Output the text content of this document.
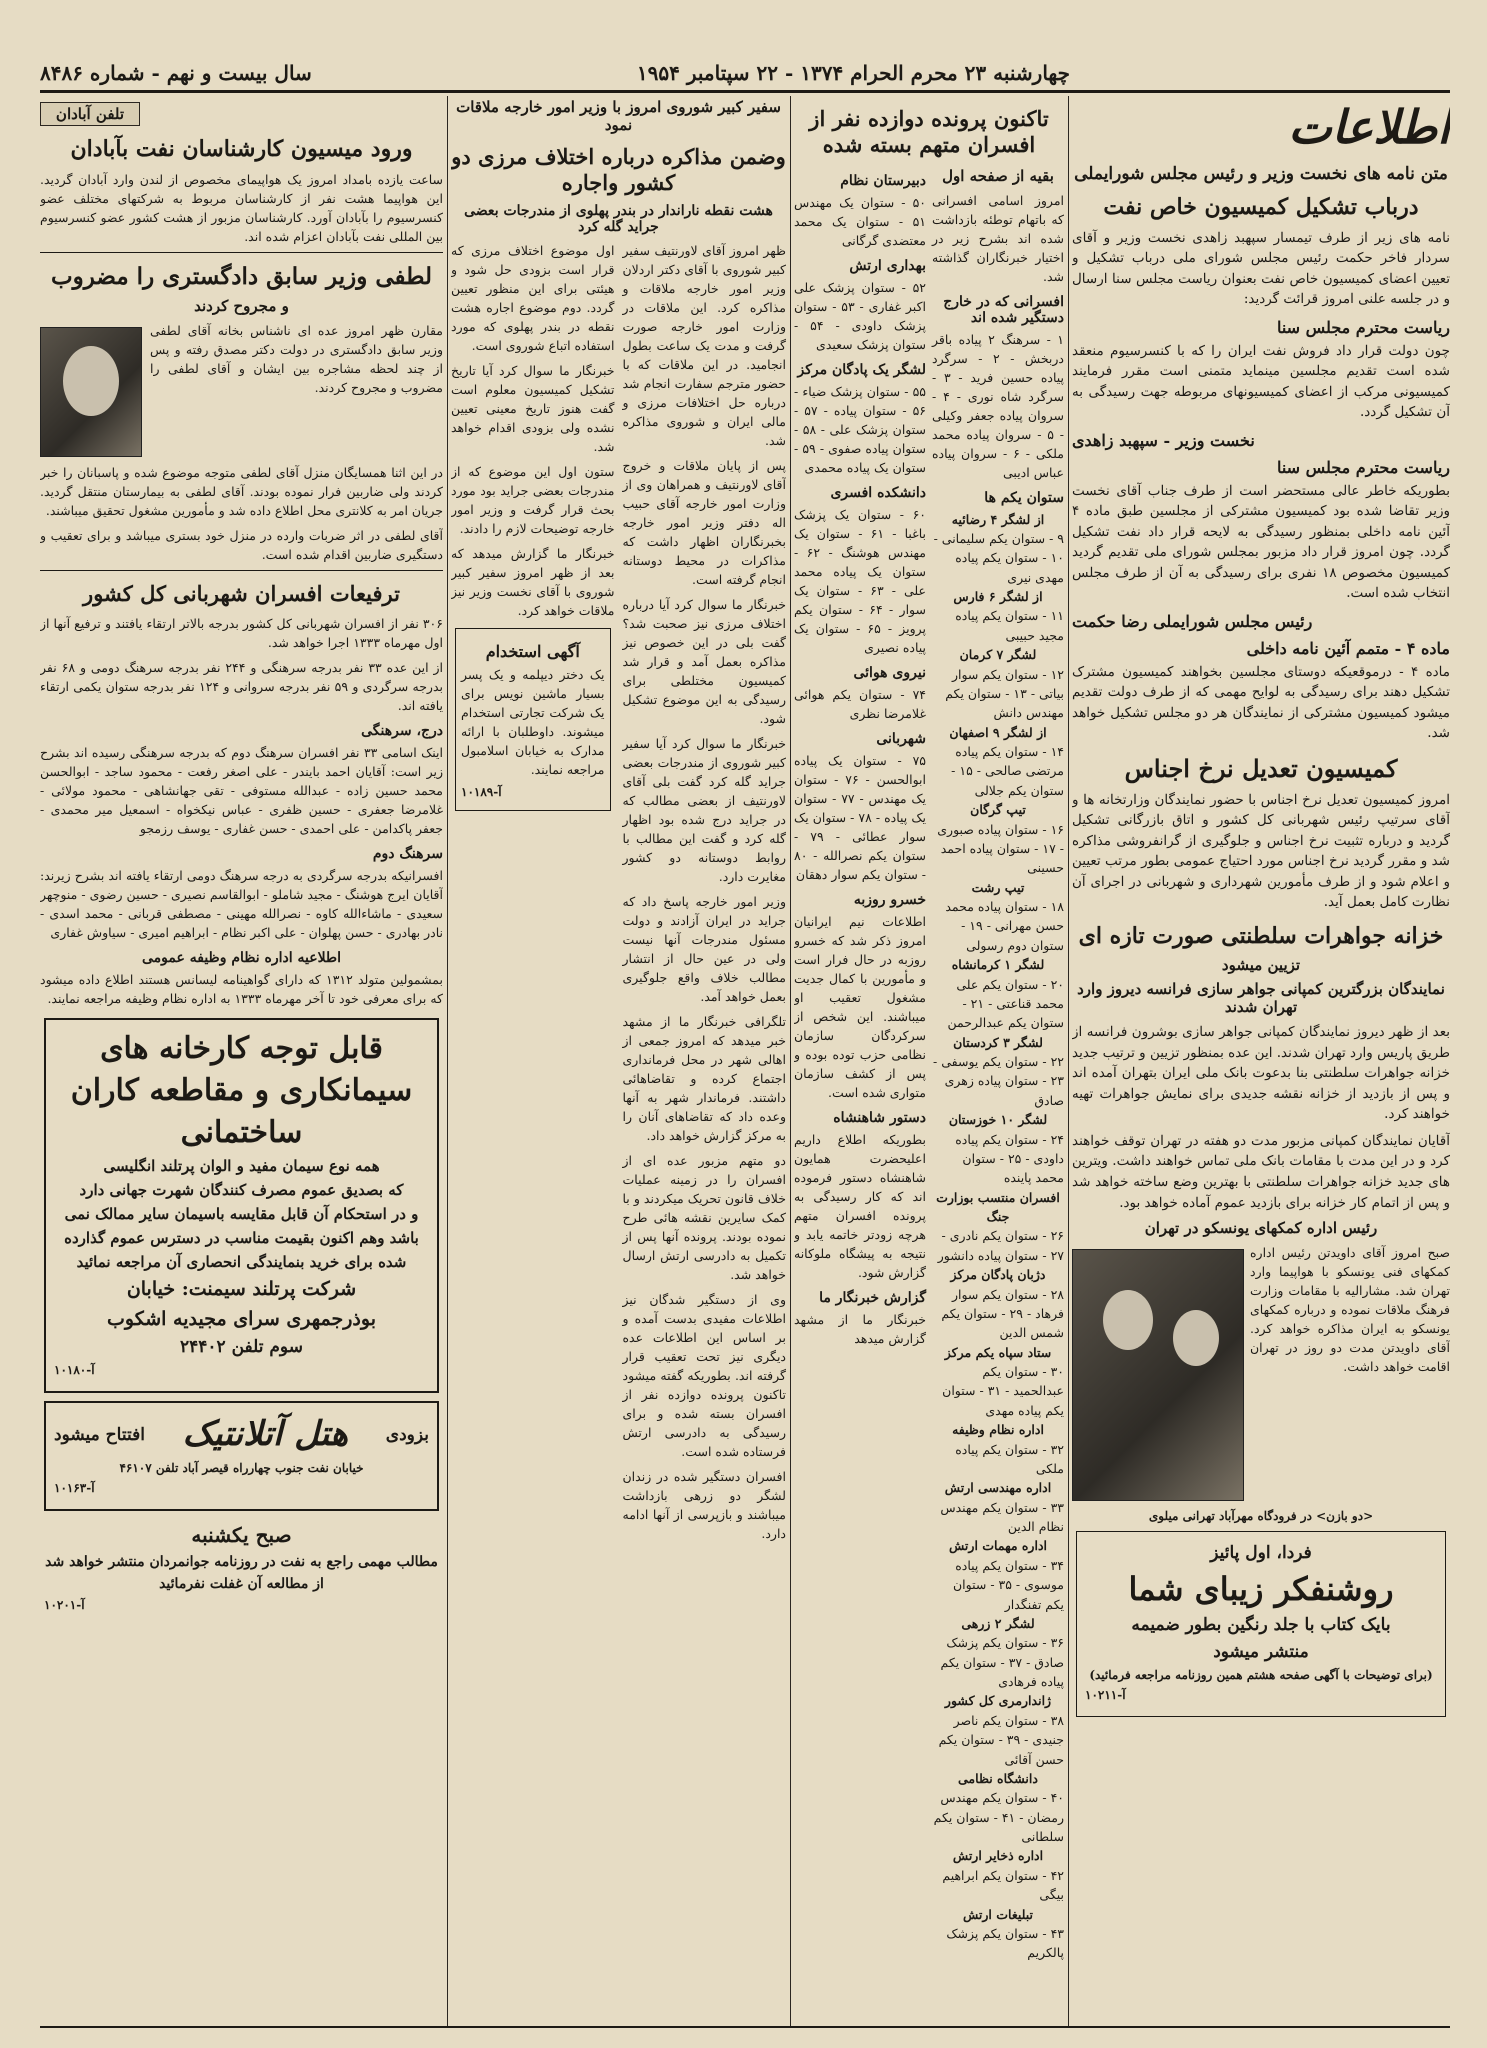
چهارشنبه ۲۳ محرم الحرام ۱۳۷۴ - ۲۲ سپتامبر ۱۹۵۴
سال بیست و نهم - شماره ۸۴۸۶
اطلاعات
متن نامه های نخست وزیر و رئیس مجلس شورایملی
درباب تشکیل کمیسیون خاص نفت

نامه های زیر از طرف تیمسار سپهبد زاهدی نخست وزیر و آقای سردار فاخر حکمت رئیس مجلس شورای ملی درباب تشکیل و تعیین اعضای کمیسیون خاص نفت بعنوان ریاست مجلس سنا ارسال و در جلسه علنی امروز قرائت گردید:

ریاست محترم مجلس سنا

چون دولت قرار داد فروش نفت ایران را که با کنسرسیوم منعقد شده است تقدیم مجلسین مینماید متمنی است مقرر فرمایند کمیسیونی مرکب از اعضای کمیسیونهای مربوطه جهت رسیدگی به آن تشکیل گردد.

نخست وزیر - سپهبد زاهدی
ریاست محترم مجلس سنا

بطوریکه خاطر عالی مستحضر است از طرف جناب آقای نخست وزیر تقاضا شده بود کمیسیون مشترکی از مجلسین طبق ماده ۴ آئین نامه داخلی بمنظور رسیدگی به لایحه قرار داد نفت تشکیل گردد. چون امروز قرار داد مزبور بمجلس شورای ملی تقدیم گردید کمیسیون مخصوص ۱۸ نفری برای رسیدگی به آن از طرف مجلس انتخاب شده است.

رئیس مجلس شورایملی رضا حکمت
ماده ۴ - متمم آئین نامه داخلی

ماده ۴ - درموقعیکه دوستای مجلسین بخواهند کمیسیون مشترک تشکیل دهند برای رسیدگی به لوایح مهمی که از طرف دولت تقدیم میشود کمیسیون مشترکی از نمایندگان هر دو مجلس تشکیل خواهد شد.

کمیسیون تعدیل نرخ اجناس

امروز کمیسیون تعدیل نرخ اجناس با حضور نمایندگان وزارتخانه ها و آقای سرتیپ رئیس شهربانی کل کشور و اتاق بازرگانی تشکیل گردید و درباره تثبیت نرخ اجناس و جلوگیری از گرانفروشی مذاکره شد و مقرر گردید نرخ اجناس مورد احتیاج عمومی بطور مرتب تعیین و اعلام شود و از طرف مأمورین شهرداری و شهربانی در اجرای آن نظارت کامل بعمل آید.

خزانه جواهرات سلطنتی صورت تازه ای
تزیین میشود
نمایندگان بزرگترین کمپانی جواهر سازی فرانسه دیروز وارد تهران شدند

بعد از ظهر دیروز نمایندگان کمپانی جواهر سازی بوشرون فرانسه از طریق پاریس وارد تهران شدند. این عده بمنظور تزیین و ترتیب جدید خزانه جواهرات سلطنتی بنا بدعوت بانک ملی ایران بتهران آمده اند و پس از بازدید از خزانه نقشه جدیدی برای نمایش جواهرات تهیه خواهند کرد.

آقایان نمایندگان کمپانی مزبور مدت دو هفته در تهران توقف خواهند کرد و در این مدت با مقامات بانک ملی تماس خواهند داشت. ویترین های جدید خزانه جواهرات سلطنتی با بهترین وضع ساخته خواهد شد و پس از اتمام کار خزانه برای بازدید عموم آماده خواهد بود.

رئیس اداره کمکهای یونسکو در تهران

صبح امروز آقای داویدتن رئیس اداره کمکهای فنی یونسکو با هواپیما وارد تهران شد. مشارالیه با مقامات وزارت فرهنگ ملاقات نموده و درباره کمکهای یونسکو به ایران مذاکره خواهد کرد. آقای داویدتن مدت دو روز در تهران اقامت خواهد داشت.

<دو بازن> در فرودگاه مهرآباد تهرانی میلوی
فردا، اول پائیز
روشنفکر زیبای شما
بایک کتاب با جلد رنگین بطور ضمیمه
منتشر میشود
(برای توضیحات با آگهی صفحه هشتم همین روزنامه مراجعه فرمائید)
آ-۱۰۲۱۱
تاکنون پرونده دوازده نفر از افسران متهم بسته شده
بقیه از صفحه اول

امروز اسامی افسرانی که باتهام توطئه بازداشت شده اند بشرح زیر در اختیار خبرنگاران گذاشته شد.

افسرانی که در خارج دستگیر شده اند

۱ - سرهنگ ۲ پیاده باقر دربخش - ۲ - سرگرد پیاده حسین فرید - ۳ - سرگرد شاه نوری - ۴ - سروان پیاده جعفر وکیلی - ۵ - سروان پیاده محمد ملکی - ۶ - سروان پیاده عباس ادیبی

ستوان یکم ها

از لشگر ۴ رضائیه

۹ - ستوان یکم سلیمانی - ۱۰ - ستوان یکم پیاده مهدی نیری

از لشگر ۶ فارس

۱۱ - ستوان یکم پیاده مجید حبیبی

لشگر ۷ کرمان

۱۲ - ستوان یکم سوار بیاتی - ۱۳ - ستوان یکم مهندس دانش

از لشگر ۹ اصفهان

۱۴ - ستوان یکم پیاده مرتضی صالحی - ۱۵ - ستوان یکم جلالی

تیپ گرگان

۱۶ - ستوان پیاده صبوری - ۱۷ - ستوان پیاده احمد حسینی

تیپ رشت

۱۸ - ستوان پیاده محمد حسن مهرانی - ۱۹ - ستوان دوم رسولی

لشگر ۱ کرمانشاه

۲۰ - ستوان یکم علی محمد قناعتی - ۲۱ - ستوان یکم عبدالرحمن

لشگر ۳ کردستان

۲۲ - ستوان یکم یوسفی - ۲۳ - ستوان پیاده زهری صادق

لشگر ۱۰ خوزستان

۲۴ - ستوان یکم پیاده داودی - ۲۵ - ستوان محمد پاینده

افسران منتسب بوزارت جنگ

۲۶ - ستوان یکم نادری - ۲۷ - ستوان پیاده دانشور

دژبان پادگان مرکز

۲۸ - ستوان یکم سوار فرهاد - ۲۹ - ستوان یکم شمس الدین

ستاد سپاه یکم مرکز

۳۰ - ستوان یکم عبدالحمید - ۳۱ - ستوان یکم پیاده مهدی

اداره نظام وظیفه

۳۲ - ستوان یکم پیاده ملکی

اداره مهندسی ارتش

۳۳ - ستوان یکم مهندس نظام الدین

اداره مهمات ارتش

۳۴ - ستوان یکم پیاده موسوی - ۳۵ - ستوان یکم تفنگدار

لشگر ۲ زرهی

۳۶ - ستوان یکم پزشک صادق - ۳۷ - ستوان یکم پیاده فرهادی

ژاندارمری کل کشور

۳۸ - ستوان یکم ناصر جنیدی - ۳۹ - ستوان یکم حسن آقائی

دانشگاه نظامی

۴۰ - ستوان یکم مهندس رمضان - ۴۱ - ستوان یکم سلطانی

اداره ذخایر ارتش

۴۲ - ستوان یکم ابراهیم بیگی

تبلیغات ارتش

۴۳ - ستوان یکم پزشک پالکریم

دبیرستان نظام

۵۰ - ستوان یک مهندس ۵۱ - ستوان یک محمد معتضدی گرگانی

بهداری ارتش

۵۲ - ستوان پزشک علی اکبر غفاری - ۵۳ - ستوان پزشک داودی - ۵۴ - ستوان پزشک سعیدی

لشگر یک پادگان مرکز

۵۵ - ستوان پزشک ضیاء - ۵۶ - ستوان پیاده - ۵۷ - ستوان پزشک علی - ۵۸ - ستوان پیاده صفوی - ۵۹ - ستوان یک پیاده محمدی

دانشکده افسری

۶۰ - ستوان یک پزشک باغبا - ۶۱ - ستوان یک مهندس هوشنگ - ۶۲ - ستوان یک پیاده محمد علی - ۶۳ - ستوان یک سوار - ۶۴ - ستوان یکم پرویز - ۶۵ - ستوان یک پیاده نصیری

نیروی هوائی

۷۴ - ستوان یکم هوائی غلامرضا نظری

شهربانی

۷۵ - ستوان یک پیاده ابوالحسن - ۷۶ - ستوان یک مهندس - ۷۷ - ستوان یک پیاده - ۷۸ - ستوان یک سوار عطائی - ۷۹ - ستوان یکم نصرالله - ۸۰ - ستوان یکم سوار دهقان

خسرو روزبه

اطلاعات نیم ایرانیان امروز ذکر شد که خسرو روزبه در حال فرار است و مأمورین با کمال جدیت مشغول تعقیب او میباشند. این شخص از سرکردگان سازمان نظامی حزب توده بوده و پس از کشف سازمان متواری شده است.

دستور شاهنشاه

بطوریکه اطلاع داریم اعلیحضرت همایون شاهنشاه دستور فرموده اند که کار رسیدگی به پرونده افسران متهم هرچه زودتر خاتمه یابد و نتیجه به پیشگاه ملوکانه گزارش شود.

گزارش خبرنگار ما

خبرنگار ما از مشهد گزارش میدهد

سفیر کبیر شوروی امروز با وزیر امور خارجه ملاقات نمود
وضمن مذاکره درباره اختلاف مرزی دو کشور واجاره
هشت نقطه ناراندار در بندر پهلوی از مندرجات بعضی جراید گله کرد

ظهر امروز آقای لاورنتیف سفیر کبیر شوروی با آقای دکتر اردلان وزیر امور خارجه ملاقات و مذاکره کرد. این ملاقات در وزارت امور خارجه صورت گرفت و مدت یک ساعت بطول انجامید. در این ملاقات که با حضور مترجم سفارت انجام شد درباره حل اختلافات مرزی و مالی ایران و شوروی مذاکره شد.

پس از پایان ملاقات و خروج آقای لاورنتیف و همراهان وی از وزارت امور خارجه آقای حبیب اله دفتر وزیر امور خارجه بخبرنگاران اظهار داشت که مذاکرات در محیط دوستانه انجام گرفته است.

خبرنگار ما سوال کرد آیا درباره اختلاف مرزی نیز صحبت شد؟ گفت بلی در این خصوص نیز مذاکره بعمل آمد و قرار شد کمیسیون مختلطی برای رسیدگی به این موضوع تشکیل شود.

خبرنگار ما سوال کرد آیا سفیر کبیر شوروی از مندرجات بعضی جراید گله کرد گفت بلی آقای لاورنتیف از بعضی مطالب که در جراید درج شده بود اظهار گله کرد و گفت این مطالب با روابط دوستانه دو کشور مغایرت دارد.

وزیر امور خارجه پاسخ داد که جراید در ایران آزادند و دولت مسئول مندرجات آنها نیست ولی در عین حال از انتشار مطالب خلاف واقع جلوگیری بعمل خواهد آمد.

تلگرافی خبرنگار ما از مشهد خبر میدهد که امروز جمعی از اهالی شهر در محل فرمانداری اجتماع کرده و تقاضاهائی داشتند. فرماندار شهر به آنها وعده داد که تقاضاهای آنان را به مرکز گزارش خواهد داد.

دو متهم مزبور عده ای از افسران را در زمینه عملیات خلاف قانون تحریک میکردند و با کمک سایرین نقشه هائی طرح نموده بودند. پرونده آنها پس از تکمیل به دادرسی ارتش ارسال خواهد شد.

وی از دستگیر شدگان نیز اطلاعات مفیدی بدست آمده و بر اساس این اطلاعات عده دیگری نیز تحت تعقیب قرار گرفته اند. بطوریکه گفته میشود تاکنون پرونده دوازده نفر از افسران بسته شده و برای رسیدگی به دادرسی ارتش فرستاده شده است.

افسران دستگیر شده در زندان لشگر دو زرهی بازداشت میباشند و بازپرسی از آنها ادامه دارد.

اول موضوع اختلاف مرزی که قرار است بزودی حل شود و هیئتی برای این منظور تعیین گردد. دوم موضوع اجاره هشت نقطه در بندر پهلوی که مورد استفاده اتباع شوروی است.

خبرنگار ما سوال کرد آیا تاریخ تشکیل کمیسیون معلوم است گفت هنوز تاریخ معینی تعیین نشده ولی بزودی اقدام خواهد شد.

ستون اول این موضوع که از مندرجات بعضی جراید بود مورد بحث قرار گرفت و وزیر امور خارجه توضیحات لازم را دادند.

خبرنگار ما گزارش میدهد که بعد از ظهر امروز سفیر کبیر شوروی با آقای نخست وزیر نیز ملاقات خواهد کرد.

آگهی استخدام

یک دختر دیپلمه و یک پسر بسیار ماشین نویس برای یک شرکت تجارتی استخدام میشوند. داوطلبان با ارائه مدارک به خیابان اسلامبول مراجعه نمایند.

آ-۱۰۱۸۹
تلفن آبادان
ورود میسیون کارشناسان نفت بآبادان

ساعت یازده بامداد امروز یک هواپیمای مخصوص از لندن وارد آبادان گردید. این هواپیما هشت نفر از کارشناسان مربوط به شرکتهای مختلف عضو کنسرسیوم را بآبادان آورد. کارشناسان مزبور از هشت کشور عضو کنسرسیوم بین المللی نفت بآبادان اعزام شده اند.

لطفی وزیر سابق دادگستری را مضروب
و مجروح کردند

مقارن ظهر امروز عده ای ناشناس بخانه آقای لطفی وزیر سابق دادگستری در دولت دکتر مصدق رفته و پس از چند لحظه مشاجره بین ایشان و آقای لطفی را مضروب و مجروح کردند.

در این اثنا همسایگان منزل آقای لطفی متوجه موضوع شده و پاسبانان را خبر کردند ولی ضاربین فرار نموده بودند. آقای لطفی به بیمارستان منتقل گردید. جریان امر به کلانتری محل اطلاع داده شد و مأمورین مشغول تحقیق میباشند.

آقای لطفی در اثر ضربات وارده در منزل خود بستری میباشد و برای تعقیب و دستگیری ضاربین اقدام شده است.

ترفیعات افسران شهربانی کل کشور

۳۰۶ نفر از افسران شهربانی کل کشور بدرجه بالاتر ارتقاء یافتند و ترفیع آنها از اول مهرماه ۱۳۳۳ اجرا خواهد شد.

از این عده ۳۳ نفر بدرجه سرهنگی و ۲۴۴ نفر بدرجه سرهنگ دومی و ۶۸ نفر بدرجه سرگردی و ۵۹ نفر بدرجه سروانی و ۱۲۴ نفر بدرجه ستوان یکمی ارتقاء یافته اند.

درج، سرهنگی

اینک اسامی ۳۳ نفر افسران سرهنگ دوم که بدرجه سرهنگی رسیده اند بشرح زیر است: آقایان احمد بایندر - علی اصغر رفعت - محمود ساجد - ابوالحسن محمد حسین زاده - عبدالله مستوفی - تقی جهانشاهی - محمود مولائی - غلامرضا جعفری - حسین ظفری - عباس نیکخواه - اسمعیل میر محمدی - جعفر پاکدامن - علی احمدی - حسن غفاری - یوسف رزمجو

سرهنگ دوم

افسرانیکه بدرجه سرگردی به درجه سرهنگ دومی ارتقاء یافته اند بشرح زیرند: آقایان ایرج هوشنگ - مجید شاملو - ابوالقاسم نصیری - حسین رضوی - منوچهر سعیدی - ماشاءالله کاوه - نصرالله مهینی - مصطفی قربانی - محمد اسدی - نادر بهادری - حسن پهلوان - علی اکبر نظام - ابراهیم امیری - سیاوش غفاری

اطلاعیه اداره نظام وظیفه عمومی

بمشمولین متولد ۱۳۱۲ که دارای گواهینامه لیسانس هستند اطلاع داده میشود که برای معرفی خود تا آخر مهرماه ۱۳۳۳ به اداره نظام وظیفه مراجعه نمایند.

قابل توجه کارخانه های
سیمانکاری و مقاطعه کاران
ساختمانی
همه نوع سیمان مفید و الوان پرتلند انگلیسی
که بصدیق عموم مصرف کنندگان شهرت جهانی دارد
و در استحکام آن قابل مقایسه باسیمان سایر ممالک نمی
باشد وهم اکنون بقیمت مناسب در دسترس عموم گذارده
شده برای خرید بنمایندگی انحصاری آن مراجعه نمائید
شرکت پرتلند سیمنت: خیابان
بوذرجمهری سرای مجیدیه اشکوب
سوم تلفن ۲۴۴۰۲
آ-۱۰۱۸۰
بزودی
هتل آتلانتیک
افتتاح میشود
خیابان نفت جنوب چهارراه قیصر آباد تلفن ۴۶۱۰۷
آ-۱۰۱۶۳
صبح یکشنبه
مطالب مهمی راجع به نفت در روزنامه جوانمردان منتشر خواهد شد از مطالعه آن غفلت نفرمائید
آ-۱۰۲۰۱
